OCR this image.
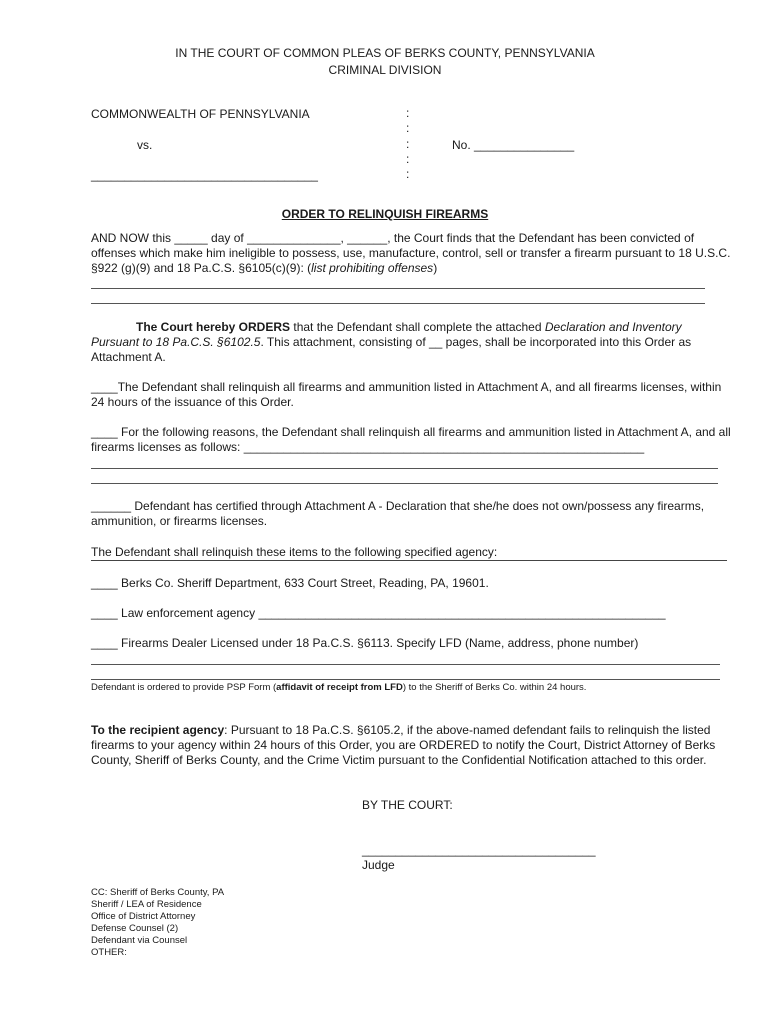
IN THE COURT OF COMMON PLEAS OF BERKS COUNTY, PENNSYLVANIA
CRIMINAL DIVISION
COMMONWEALTH OF PENNSYLVANIA
vs.	No. _______________
__________________________________
:
:
:
:
:
ORDER TO RELINQUISH FIREARMS
AND NOW this _____ day of ______________, ______, the Court finds that the Defendant has been convicted of offenses which make him ineligible to possess, use, manufacture, control, sell or transfer a firearm pursuant to 18 U.S.C. §922 (g)(9) and 18 Pa.C.S. §6105(c)(9): (list prohibiting offenses)
The Court hereby ORDERS that the Defendant shall complete the attached Declaration and Inventory Pursuant to 18 Pa.C.S. §6102.5. This attachment, consisting of __ pages, shall be incorporated into this Order as Attachment A.
____The Defendant shall relinquish all firearms and ammunition listed in Attachment A, and all firearms licenses, within 24 hours of the issuance of this Order.
____ For the following reasons, the Defendant shall relinquish all firearms and ammunition listed in Attachment A, and all firearms licenses as follows: ____________________________________________________________
______ Defendant has certified through Attachment A - Declaration that she/he does not own/possess any firearms, ammunition, or firearms licenses.
The Defendant shall relinquish these items to the following specified agency:
____ Berks Co. Sheriff Department, 633 Court Street, Reading, PA, 19601.
____ Law enforcement agency _____________________________________________________________
____ Firearms Dealer Licensed under 18 Pa.C.S. §6113. Specify LFD (Name, address, phone number)
Defendant is ordered to provide PSP Form (affidavit of receipt from LFD) to the Sheriff of Berks Co. within 24 hours.
To the recipient agency: Pursuant to 18 Pa.C.S. §6105.2, if the above-named defendant fails to relinquish the listed firearms to your agency within 24 hours of this Order, you are ORDERED to notify the Court, District Attorney of Berks County, Sheriff of Berks County, and the Crime Victim pursuant to the Confidential Notification attached to this order.
BY THE COURT:
___________________________________
Judge
CC: Sheriff of Berks County, PA
Sheriff / LEA of Residence
Office of District Attorney
Defense Counsel (2)
Defendant via Counsel
OTHER:
